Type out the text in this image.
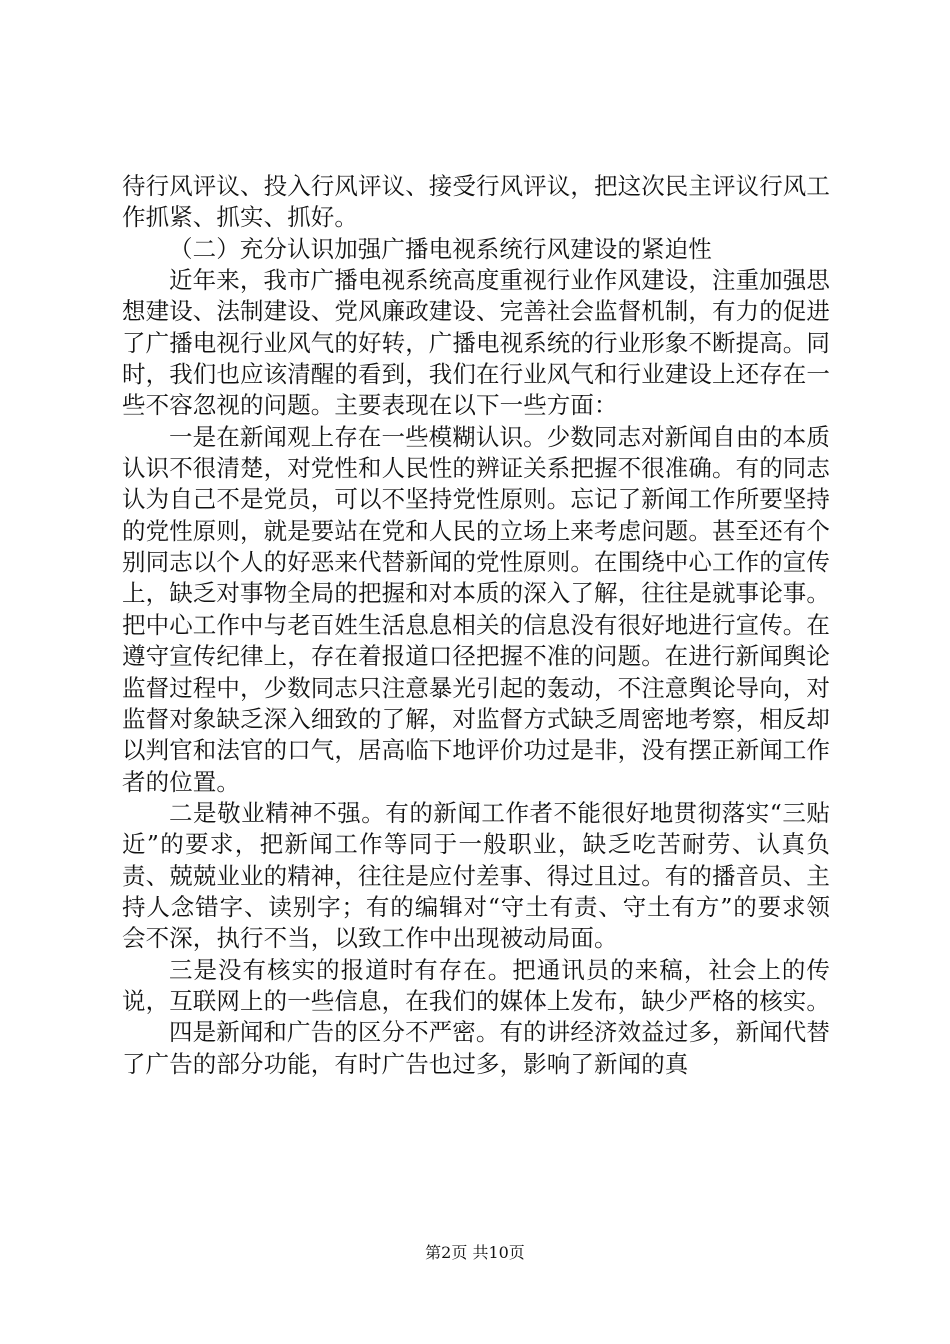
待行风评议、投入行风评议、接受行风评议，把这次民主评议行风工作抓紧、抓实、抓好。

（二）充分认识加强广播电视系统行风建设的紧迫性

近年来，我市广播电视系统高度重视行业作风建设，注重加强思想建设、法制建设、党风廉政建设、完善社会监督机制，有力的促进了广播电视行业风气的好转，广播电视系统的行业形象不断提高。同时，我们也应该清醒的看到，我们在行业风气和行业建设上还存在一些不容忽视的问题。主要表现在以下一些方面：

一是在新闻观上存在一些模糊认识。少数同志对新闻自由的本质认识不很清楚，对党性和人民性的辨证关系把握不很准确。有的同志认为自己不是党员，可以不坚持党性原则。忘记了新闻工作所要坚持的党性原则，就是要站在党和人民的立场上来考虑问题。甚至还有个别同志以个人的好恶来代替新闻的党性原则。在围绕中心工作的宣传上，缺乏对事物全局的把握和对本质的深入了解，往往是就事论事。把中心工作中与老百姓生活息息相关的信息没有很好地进行宣传。在遵守宣传纪律上，存在着报道口径把握不准的问题。在进行新闻舆论监督过程中，少数同志只注意暴光引起的轰动，不注意舆论导向，对监督对象缺乏深入细致的了解，对监督方式缺乏周密地考察，相反却以判官和法官的口气，居高临下地评价功过是非，没有摆正新闻工作者的位置。

二是敬业精神不强。有的新闻工作者不能很好地贯彻落实“三贴近”的要求，把新闻工作等同于一般职业，缺乏吃苦耐劳、认真负责、兢兢业业的精神，往往是应付差事、得过且过。有的播音员、主持人念错字、读别字；有的编辑对“守土有责、守土有方”的要求领会不深，执行不当，以致工作中出现被动局面。

三是没有核实的报道时有存在。把通讯员的来稿，社会上的传说，互联网上的一些信息，在我们的媒体上发布，缺少严格的核实。

四是新闻和广告的区分不严密。有的讲经济效益过多，新闻代替了广告的部分功能，有时广告也过多，影响了新闻的真

第2页 共10页
